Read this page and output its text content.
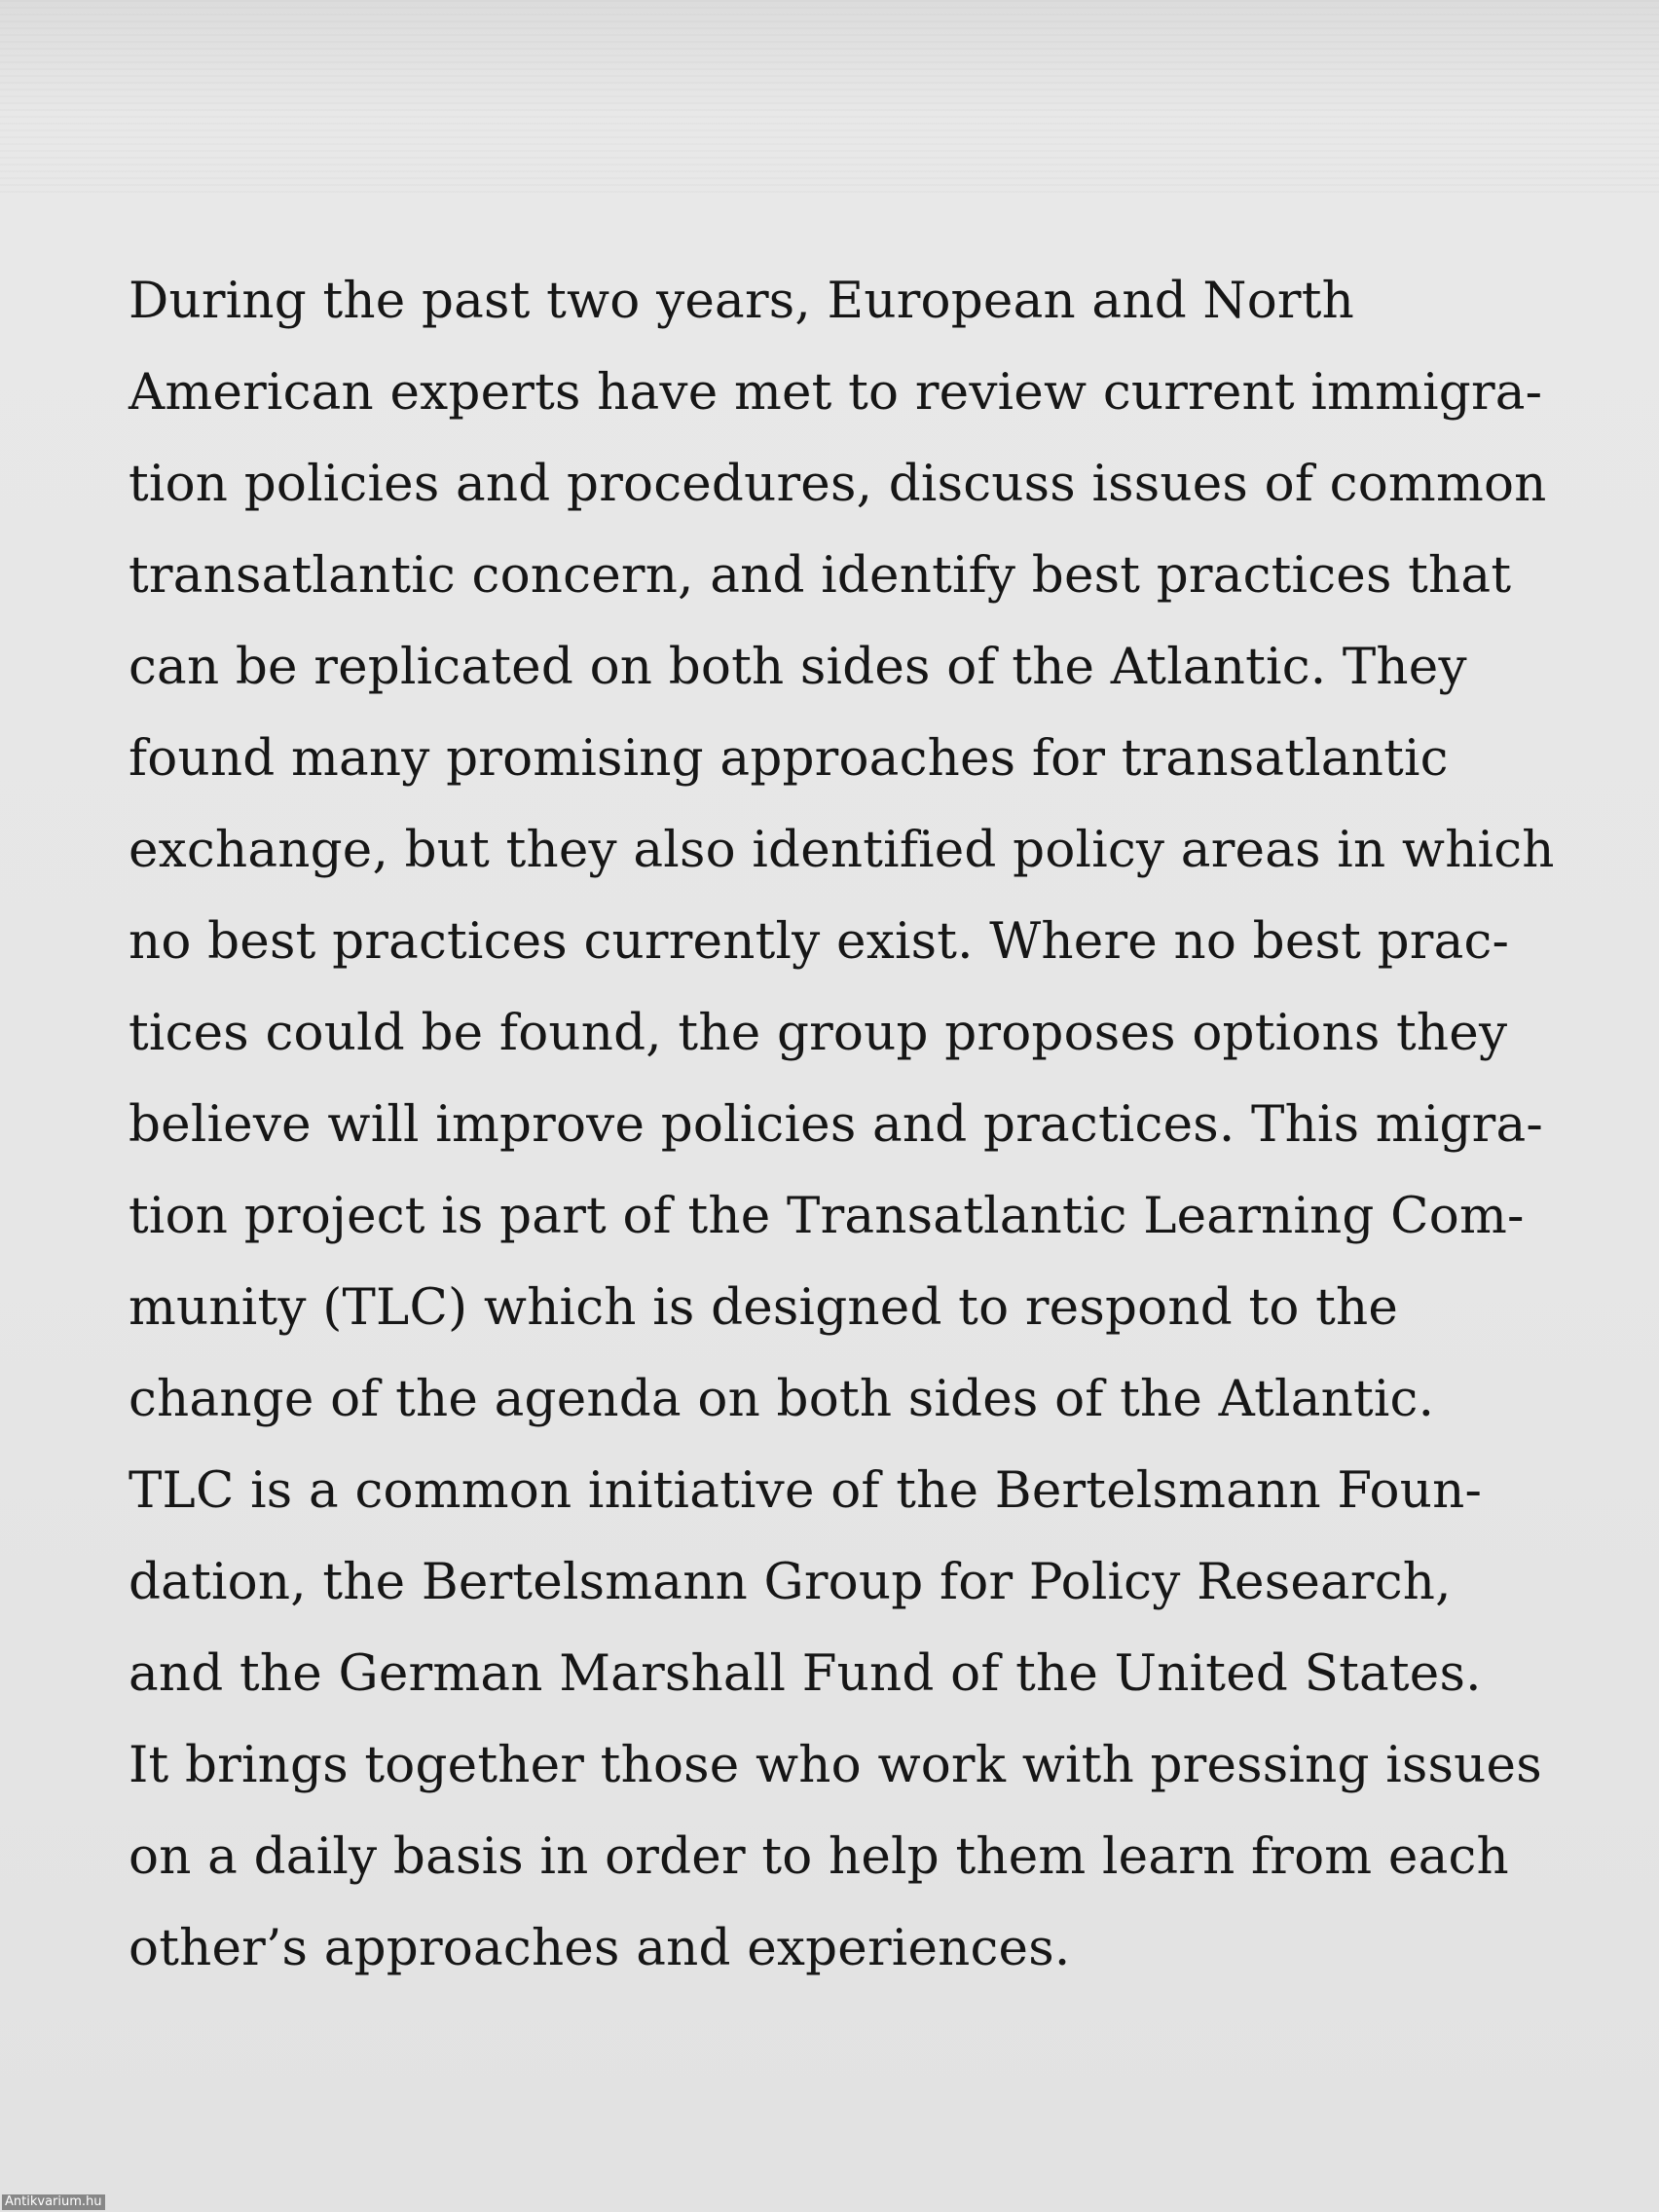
During the past two years, European and North
American experts have met to review current immigra-
tion policies and procedures, discuss issues of common
transatlantic concern, and identify best practices that
can be replicated on both sides of the Atlantic. They
found many promising approaches for transatlantic
exchange, but they also identified policy areas in which
no best practices currently exist. Where no best prac-
tices could be found, the group proposes options they
believe will improve policies and practices. This migra-
tion project is part of the Transatlantic Learning Com-
munity (TLC) which is designed to respond to the
change of the agenda on both sides of the Atlantic.
TLC is a common initiative of the Bertelsmann Foun-
dation, the Bertelsmann Group for Policy Research,
and the German Marshall Fund of the United States.
It brings together those who work with pressing issues
on a daily basis in order to help them learn from each
other’s approaches and experiences.

Antikvarium.hu
